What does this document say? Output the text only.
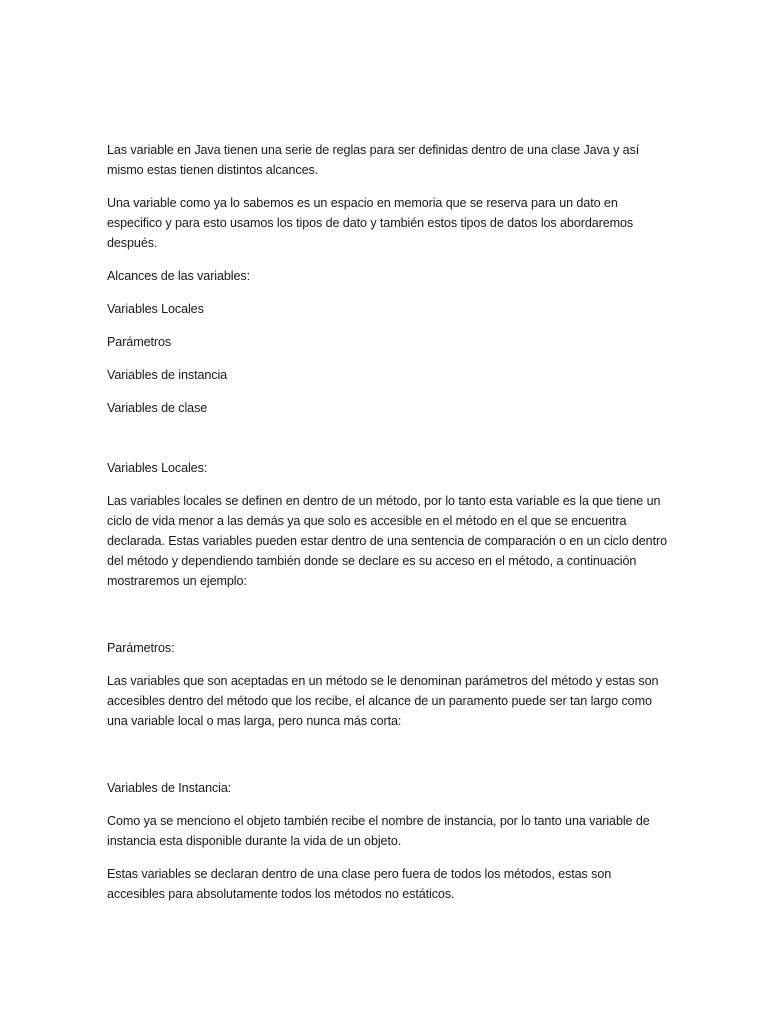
Las variable en Java tienen una serie de reglas para ser definidas dentro de una clase Java y así mismo estas tienen distintos alcances.

Una variable como ya lo sabemos es un espacio en memoria que se reserva para un dato en especifico y para esto usamos los tipos de dato y también estos tipos de datos los abordaremos después.

Alcances de las variables:

Variables Locales

Parámetros

Variables de instancia

Variables de clase

Variables Locales:

Las variables locales se definen en dentro de un método, por lo tanto esta variable es la que tiene un ciclo de vida menor a las demás ya que solo es accesible en el método en el que se encuentra declarada. Estas variables pueden estar dentro de una sentencia de comparación o en un ciclo dentro del método y dependiendo también donde se declare es su acceso en el método, a continuación mostraremos un ejemplo:

Parámetros:

Las variables que son aceptadas en un método se le denominan parámetros del método y estas son accesibles dentro del método que los recibe, el alcance de un paramento puede ser tan largo como una variable local o mas larga, pero nunca más corta:

Variables de Instancia:

Como ya se menciono el objeto también recibe el nombre de instancia, por lo tanto una variable de instancia esta disponible durante la vida de un objeto.

Estas variables se declaran dentro de una clase pero fuera de todos los métodos, estas son accesibles para absolutamente todos los métodos no estáticos.
